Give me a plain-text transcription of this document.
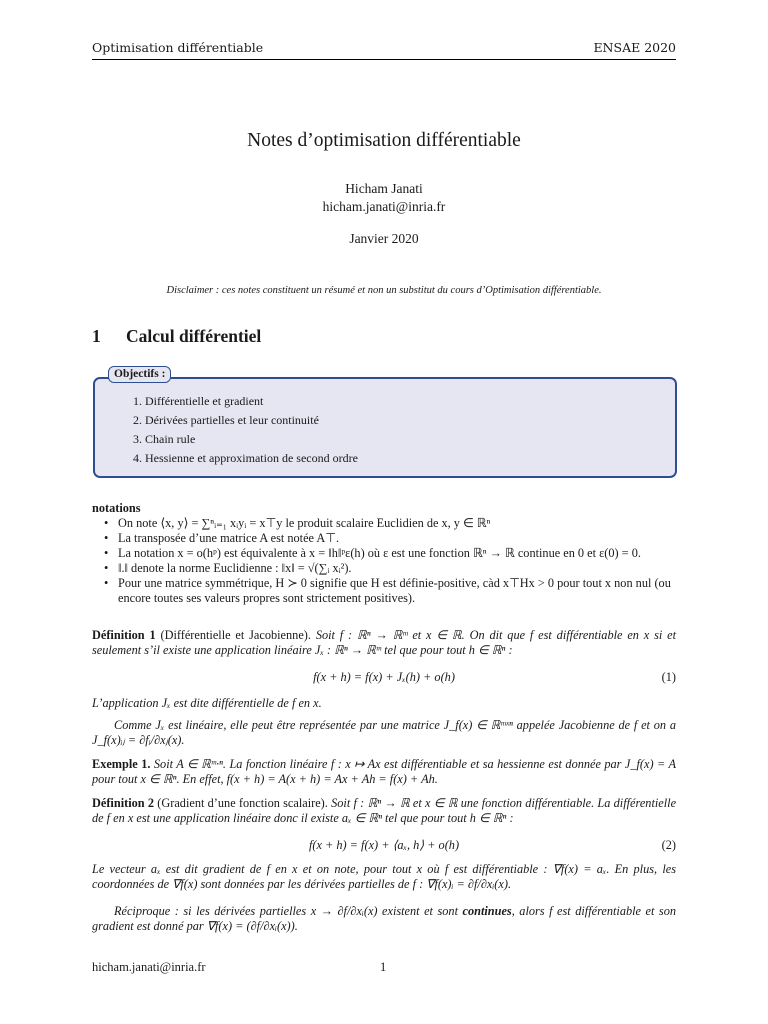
Optimisation différentiable	ENSAE 2020
Notes d’optimisation différentiable
Hicham Janati
hicham.janati@inria.fr
Janvier 2020
Disclaimer : ces notes constituent un résumé et non un substitut du cours d’Optimisation différentiable.
1 Calcul différentiel
Objectifs :
1. Différentielle et gradient
2. Dérivées partielles et leur continuité
3. Chain rule
4. Hessienne et approximation de second ordre
notations
• On note ⟨x, y⟩ = ∑ⁿᵢ₌₁ xᵢyᵢ = x⊤y le produit scalaire Euclidien de x, y ∈ ℝⁿ
• La transposée d’une matrice A est notée A⊤.
• La notation x = o(hᵖ) est équivalente à x = ‖h‖ᵖε(h) où ε est une fonction ℝⁿ → ℝ continue en 0 et ε(0) = 0.
• ‖.‖ denote la norme Euclidienne : ‖x‖ = √(∑ᵢ xᵢ²).
• Pour une matrice symmétrique, H ≻ 0 signifie que H est définie-positive, càd x⊤Hx > 0 pour tout x non nul (ou encore toutes ses valeurs propres sont strictement positives).
Définition 1 (Différentielle et Jacobienne). Soit f : ℝⁿ → ℝᵐ et x ∈ ℝ. On dit que f est différentiable en x si et seulement s’il existe une application linéaire Jₓ : ℝⁿ → ℝᵐ tel que pour tout h ∈ ℝⁿ :
f(x + h) = f(x) + Jₓ(h) + o(h)	(1)
L’application Jₓ est dite différentielle de f en x.
Comme Jₓ est linéaire, elle peut être représentée par une matrice J_f(x) ∈ ℝᵐˣⁿ appelée Jacobienne de f et on a J_f(x)ᵢⱼ = ∂fᵢ/∂xⱼ(x).
Exemple 1. Soit A ∈ ℝᵐ·ⁿ. La fonction linéaire f : x ↦ Ax est différentiable et sa hessienne est donnée par J_f(x) = A pour tout x ∈ ℝⁿ. En effet, f(x + h) = A(x + h) = Ax + Ah = f(x) + Ah.
Définition 2 (Gradient d’une fonction scalaire). Soit f : ℝⁿ → ℝ et x ∈ ℝ une fonction différentiable. La différentielle de f en x est une application linéaire donc il existe aₓ ∈ ℝⁿ tel que pour tout h ∈ ℝⁿ :
f(x + h) = f(x) + ⟨aₓ, h⟩ + o(h)	(2)
Le vecteur aₓ est dit gradient de f en x et on note, pour tout x où f est différentiable : ∇f(x) = aₓ. En plus, les coordonnées de ∇f(x) sont données par les dérivées partielles de f : ∇f(x)ᵢ = ∂f/∂xᵢ(x).
Réciproque : si les dérivées partielles x → ∂f/∂xᵢ(x) existent et sont continues, alors f est différentiable et son gradient est donné par ∇f(x) = (∂f/∂xᵢ(x)).
hicham.janati@inria.fr	1
